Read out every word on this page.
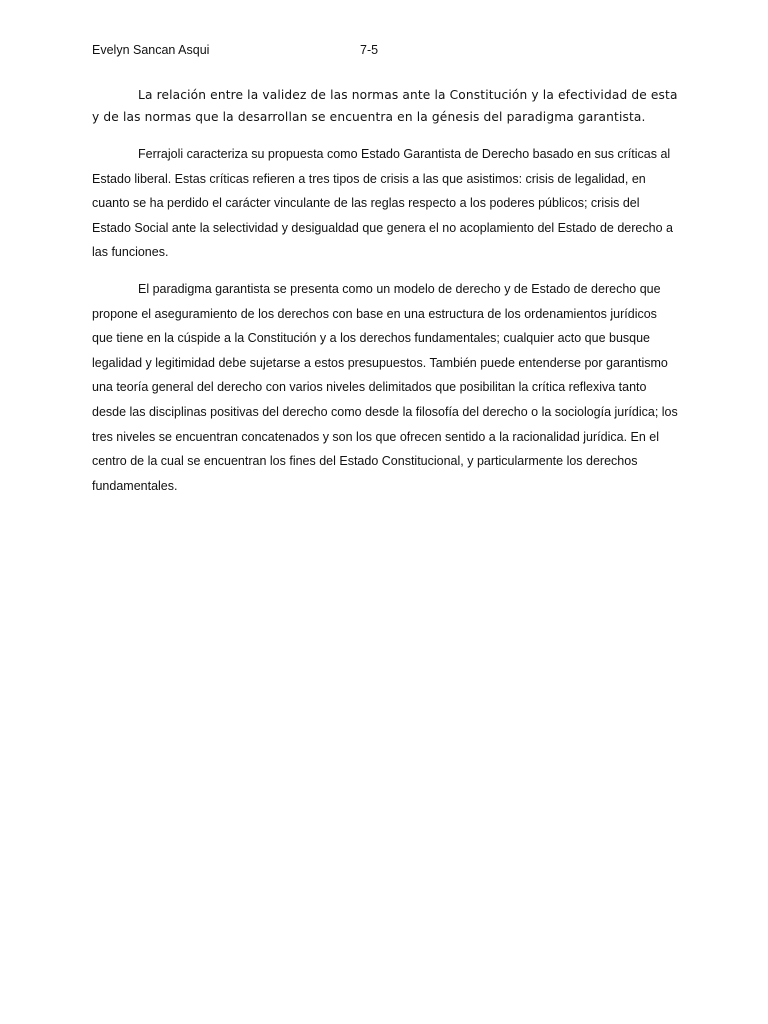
Evelyn Sancan Asqui	7-5

La relación entre la validez de las normas ante la Constitución y la efectividad de esta y de las normas que la desarrollan se encuentra en la génesis del paradigma garantista.

Ferrajoli caracteriza su propuesta como Estado Garantista de Derecho basado en sus críticas al Estado liberal. Estas críticas refieren a tres tipos de crisis a las que asistimos: crisis de legalidad, en cuanto se ha perdido el carácter vinculante de las reglas respecto a los poderes públicos; crisis del Estado Social ante la selectividad y desigualdad que genera el no acoplamiento del Estado de derecho a las funciones.

El paradigma garantista se presenta como un modelo de derecho y de Estado de derecho que propone el aseguramiento de los derechos con base en una estructura de los ordenamientos jurídicos que tiene en la cúspide a la Constitución y a los derechos fundamentales; cualquier acto que busque legalidad y legitimidad debe sujetarse a estos presupuestos. También puede entenderse por garantismo una teoría general del derecho con varios niveles delimitados que posibilitan la crítica reflexiva tanto desde las disciplinas positivas del derecho como desde la filosofía del derecho o la sociología jurídica; los tres niveles se encuentran concatenados y son los que ofrecen sentido a la racionalidad jurídica. En el centro de la cual se encuentran los fines del Estado Constitucional, y particularmente los derechos fundamentales.
